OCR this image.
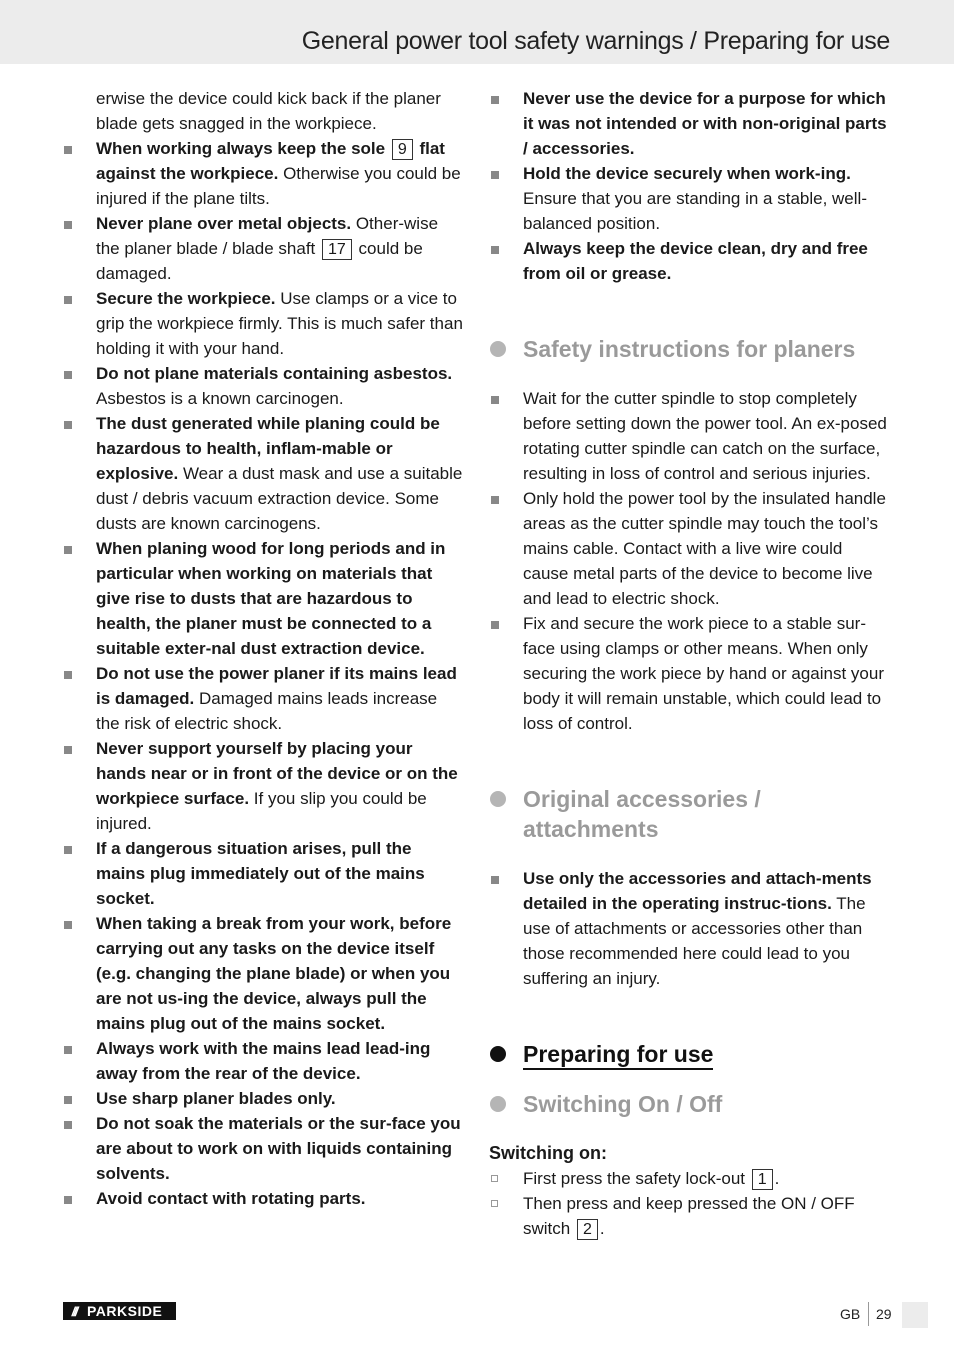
General power tool safety warnings / Preparing for use
erwise the device could kick back if the planer blade gets snagged in the workpiece.
When working always keep the sole 9 flat against the workpiece. Otherwise you could be injured if the plane tilts.
Never plane over metal objects. Other-wise the planer blade / blade shaft 17 could be damaged.
Secure the workpiece. Use clamps or a vice to grip the workpiece firmly. This is much safer than holding it with your hand.
Do not plane materials containing asbestos. Asbestos is a known carcinogen.
The dust generated while planing could be hazardous to health, inflam-mable or explosive. Wear a dust mask and use a suitable dust / debris vacuum extraction device. Some dusts are known carcinogens.
When planing wood for long periods and in particular when working on materials that give rise to dusts that are hazardous to health, the planer must be connected to a suitable exter-nal dust extraction device.
Do not use the power planer if its mains lead is damaged. Damaged mains leads increase the risk of electric shock.
Never support yourself by placing your hands near or in front of the device or on the workpiece surface. If you slip you could be injured.
If a dangerous situation arises, pull the mains plug immediately out of the mains socket.
When taking a break from your work, before carrying out any tasks on the device itself (e.g. changing the plane blade) or when you are not us-ing the device, always pull the mains plug out of the mains socket.
Always work with the mains lead lead-ing away from the rear of the device.
Use sharp planer blades only.
Do not soak the materials or the sur-face you are about to work on with liquids containing solvents.
Avoid contact with rotating parts.
Never use the device for a purpose for which it was not intended or with non-original parts / accessories.
Hold the device securely when work-ing. Ensure that you are standing in a stable, well-balanced position.
Always keep the device clean, dry and free from oil or grease.
Safety instructions for planers
Wait for the cutter spindle to stop completely before setting down the power tool. An ex-posed rotating cutter spindle can catch on the surface, resulting in loss of control and serious injuries.
Only hold the power tool by the insulated handle areas as the cutter spindle may touch the tool’s mains cable. Contact with a live wire could cause metal parts of the device to become live and lead to electric shock.
Fix and secure the work piece to a stable sur-face using clamps or other means. When only securing the work piece by hand or against your body it will remain unstable, which could lead to loss of control.
Original accessories / attachments
Use only the accessories and attach-ments detailed in the operating instruc-tions. The use of attachments or accessories other than those recommended here could lead to you suffering an injury.
Preparing for use
Switching On / Off
Switching on:
First press the safety lock-out 1 .
Then press and keep pressed the ON / OFF switch 2 .
/// PARKSIDE	GB 29
